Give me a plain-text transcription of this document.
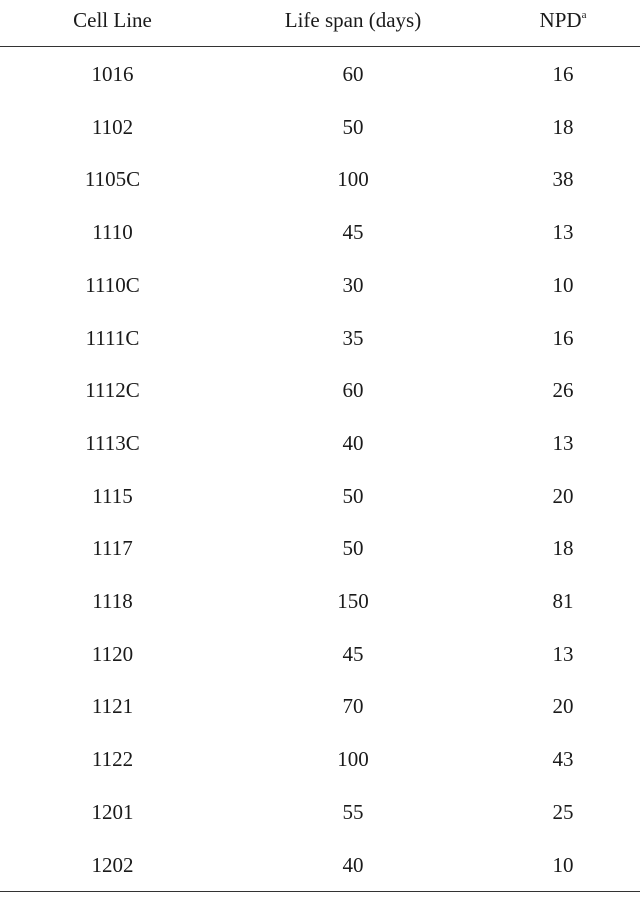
Cell Line	Life span (days)	NPD$^a$
1016	60	16
1102	50	18
1105C	100	38
1110	45	13
1110C	30	10
1111C	35	16
1112C	60	26
1113C	40	13
1115	50	20
1117	50	18
1118	150	81
1120	45	13
1121	70	20
1122	100	43
1201	55	25
1202	40	10
